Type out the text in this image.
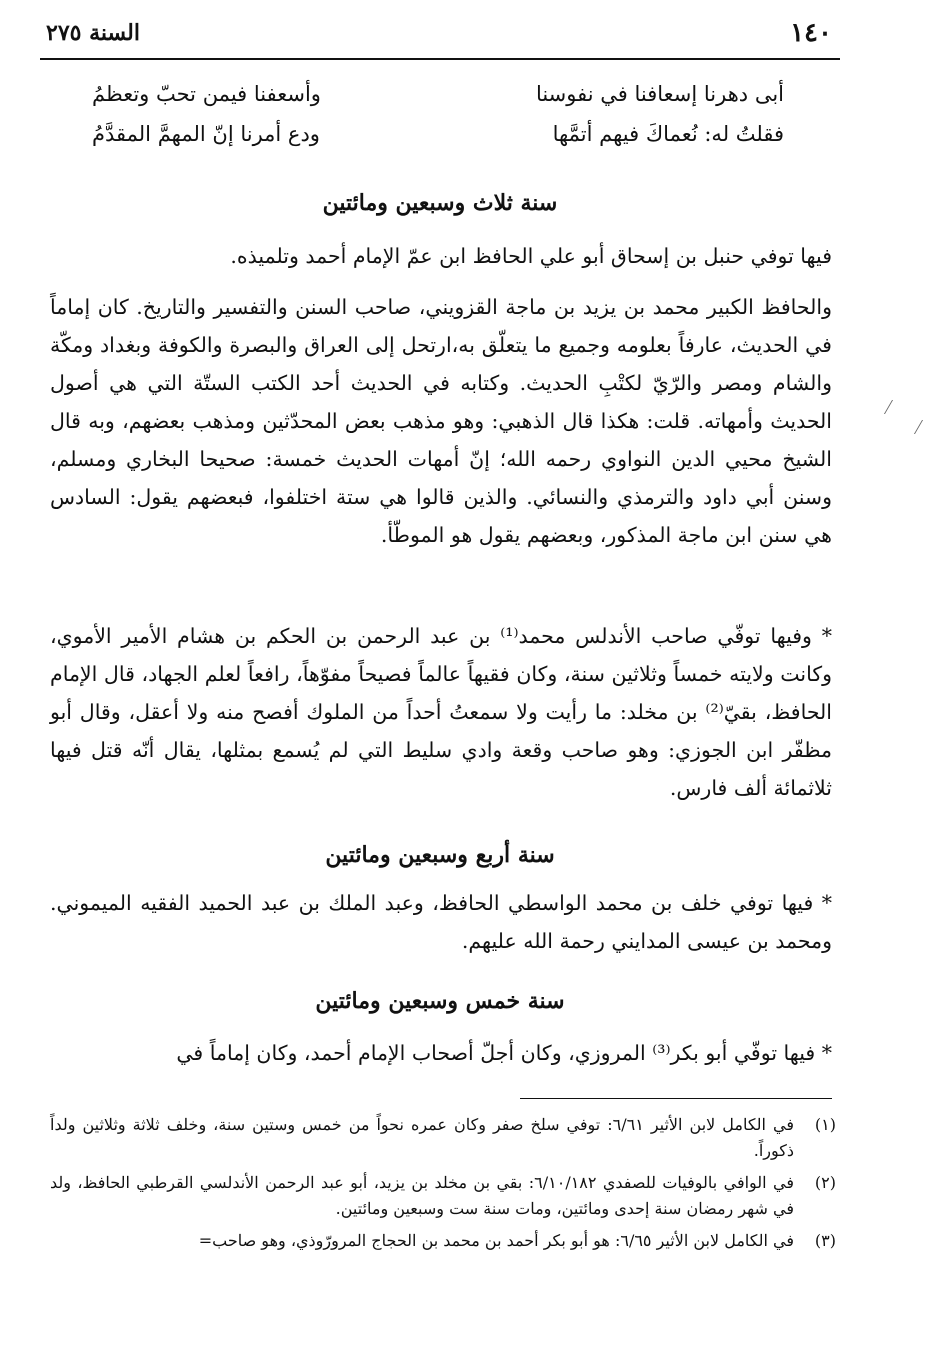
١٤٠
السنة ٢٧٥
أبى دهرنا إسعافنا في نفوسنا
وأسعفنا فيمن تحبّ وتعظمُ
فقلتُ له: نُعماكَ فيهم أتمَّها
ودع أمرنا إنّ المهمَّ المقدَّمُ
سنة ثلاث وسبعين ومائتين
فيها توفي حنبل بن إسحاق أبو علي الحافظ ابن عمّ الإمام أحمد وتلميذه.
والحافظ الكبير محمد بن يزيد بن ماجة القزويني، صاحب السنن والتفسير والتاريخ. كان إماماً في الحديث، عارفاً بعلومه وجميع ما يتعلّق به،ارتحل إلى العراق والبصرة والكوفة وبغداد ومكّة والشام ومصر والرّيّ لكتْبِ الحديث. وكتابه في الحديث أحد الكتب الستّة التي هي أصول الحديث وأمهاته. قلت: هكذا قال الذهبي: وهو مذهب بعض المحدّثين ومذهب بعضهم، وبه قال الشيخ محيي الدين النواوي رحمه الله؛ إنّ أمهات الحديث خمسة: صحيحا البخاري ومسلم، وسنن أبي داود والترمذي والنسائي. والذين قالوا هي ستة اختلفوا، فبعضهم يقول: السادس هي سنن ابن ماجة المذكور، وبعضهم يقول هو الموطّأ.
* وفيها توفّي صاحب الأندلس محمد⁽¹⁾ بن عبد الرحمن بن الحكم بن هشام الأمير الأموي، وكانت ولايته خمساً وثلاثين سنة، وكان فقيهاً عالماً فصيحاً مفوّهاً، رافعاً لعلم الجهاد، قال الإمام الحافظ، بقيّ⁽²⁾ بن مخلد: ما رأيت ولا سمعتُ أحداً من الملوك أفصح منه ولا أعقل، وقال أبو مظفّر ابن الجوزي: وهو صاحب وقعة وادي سليط التي لم يُسمع بمثلها، يقال أنّه قتل فيها ثلاثمائة ألف فارس.
سنة أربع وسبعين ومائتين
* فيها توفي خلف بن محمد الواسطي الحافظ، وعبد الملك بن عبد الحميد الفقيه الميموني. ومحمد بن عيسى المدايني رحمة الله عليهم.
سنة خمس وسبعين ومائتين
* فيها توفّي أبو بكر⁽³⁾ المروزي، وكان أجلّ أصحاب الإمام أحمد، وكان إماماً في
(١)
في الكامل لابن الأثير ٦/٦١: توفي سلخ صفر وكان عمره نحواً من خمس وستين سنة، وخلف ثلاثة وثلاثين ولداً ذكوراً.
(٢)
في الوافي بالوفيات للصفدي ٦/١٠/١٨٢: بقي بن مخلد بن يزيد، أبو عبد الرحمن الأندلسي القرطبي الحافظ، ولد في شهر رمضان سنة إحدى ومائتين، ومات سنة ست وسبعين ومائتين.
(٣)
في الكامل لابن الأثير ٦/٦٥: هو أبو بكر أحمد بن محمد بن الحجاج المرورّوذي، وهو صاحب=
